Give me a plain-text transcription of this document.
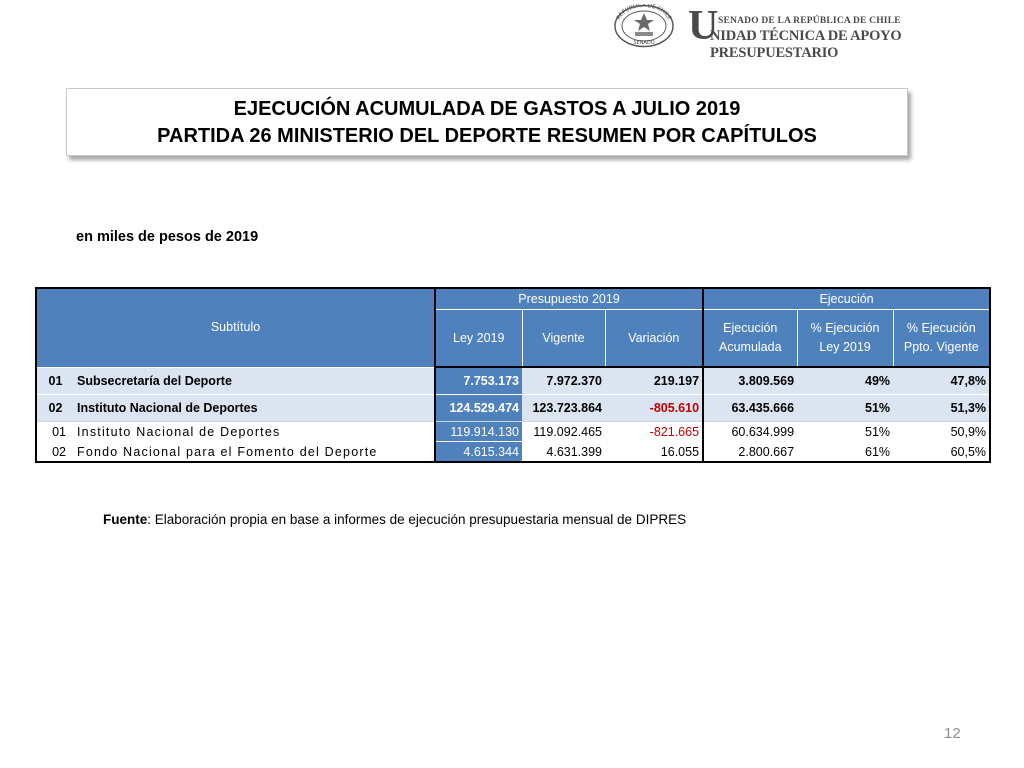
REPUBLICA DE CHILE
SENADO U SENADO DE LA REPÚBLICA DE CHILE
NIDAD TÉCNICA DE APOYO PRESUPUESTARIO
EJECUCIÓN ACUMULADA DE GASTOS A JULIO 2019
PARTIDA 26 MINISTERIO DEL DEPORTE RESUMEN POR CAPÍTULOS
en miles de pesos de 2019
Subtítulo		Presupuesto 2019			Ejecución		
		Ley 2019	Vigente	Variación	Ejecución Acumulada	% Ejecución Ley 2019	% Ejecución Ppto. Vigente
01	Subsecretaría del Deporte	7.753.173	7.972.370	219.197	3.809.569	49%	47,8%
02	Instituto Nacional de Deportes	124.529.474	123.723.864	-805.610	63.435.666	51%	51,3%
01	Instituto Nacional de Deportes	119.914.130	119.092.465	-821.665	60.634.999	51%	50,9%
02	Fondo Nacional para el Fomento del Deporte	4.615.344	4.631.399	16.055	2.800.667	61%	60,5%
Fuente: Elaboración propia en base a informes de ejecución presupuestaria mensual de DIPRES
12
